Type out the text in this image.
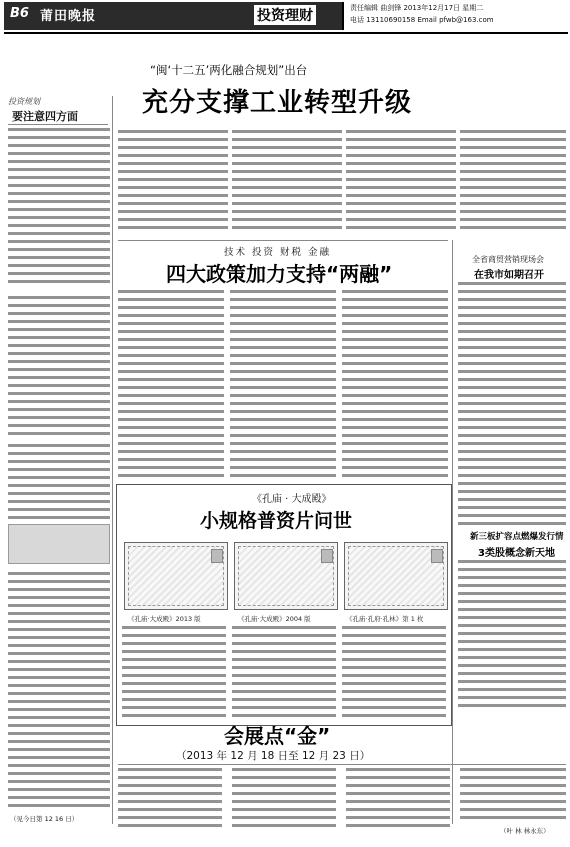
B6 莆田晚报	投资理财	责任编辑 曲剑锋 2013年12月17日 星期二
电话 13110690158 Email pfwb@163.com
“闽‘十二五’两化融合规划”出台
充分支撑工业转型升级
投资规划
要注意四方面
技术 投资 财税 金融
四大政策加力支持“两融”
全省商贸营销现场会
在我市如期召开
新三板扩容点燃爆发行情
3类股概念新天地
《孔庙 · 大成殿》
小规格普资片问世
《孔庙·大成殿》2013 版	《孔庙·大成殿》2004 版	《孔庙·孔府·孔林》第 1 枚
会展点“金”
（2013 年 12 月 18 日至 12 月 23 日）
（叶 林 林永东）
（见今日第 12 16 日）
